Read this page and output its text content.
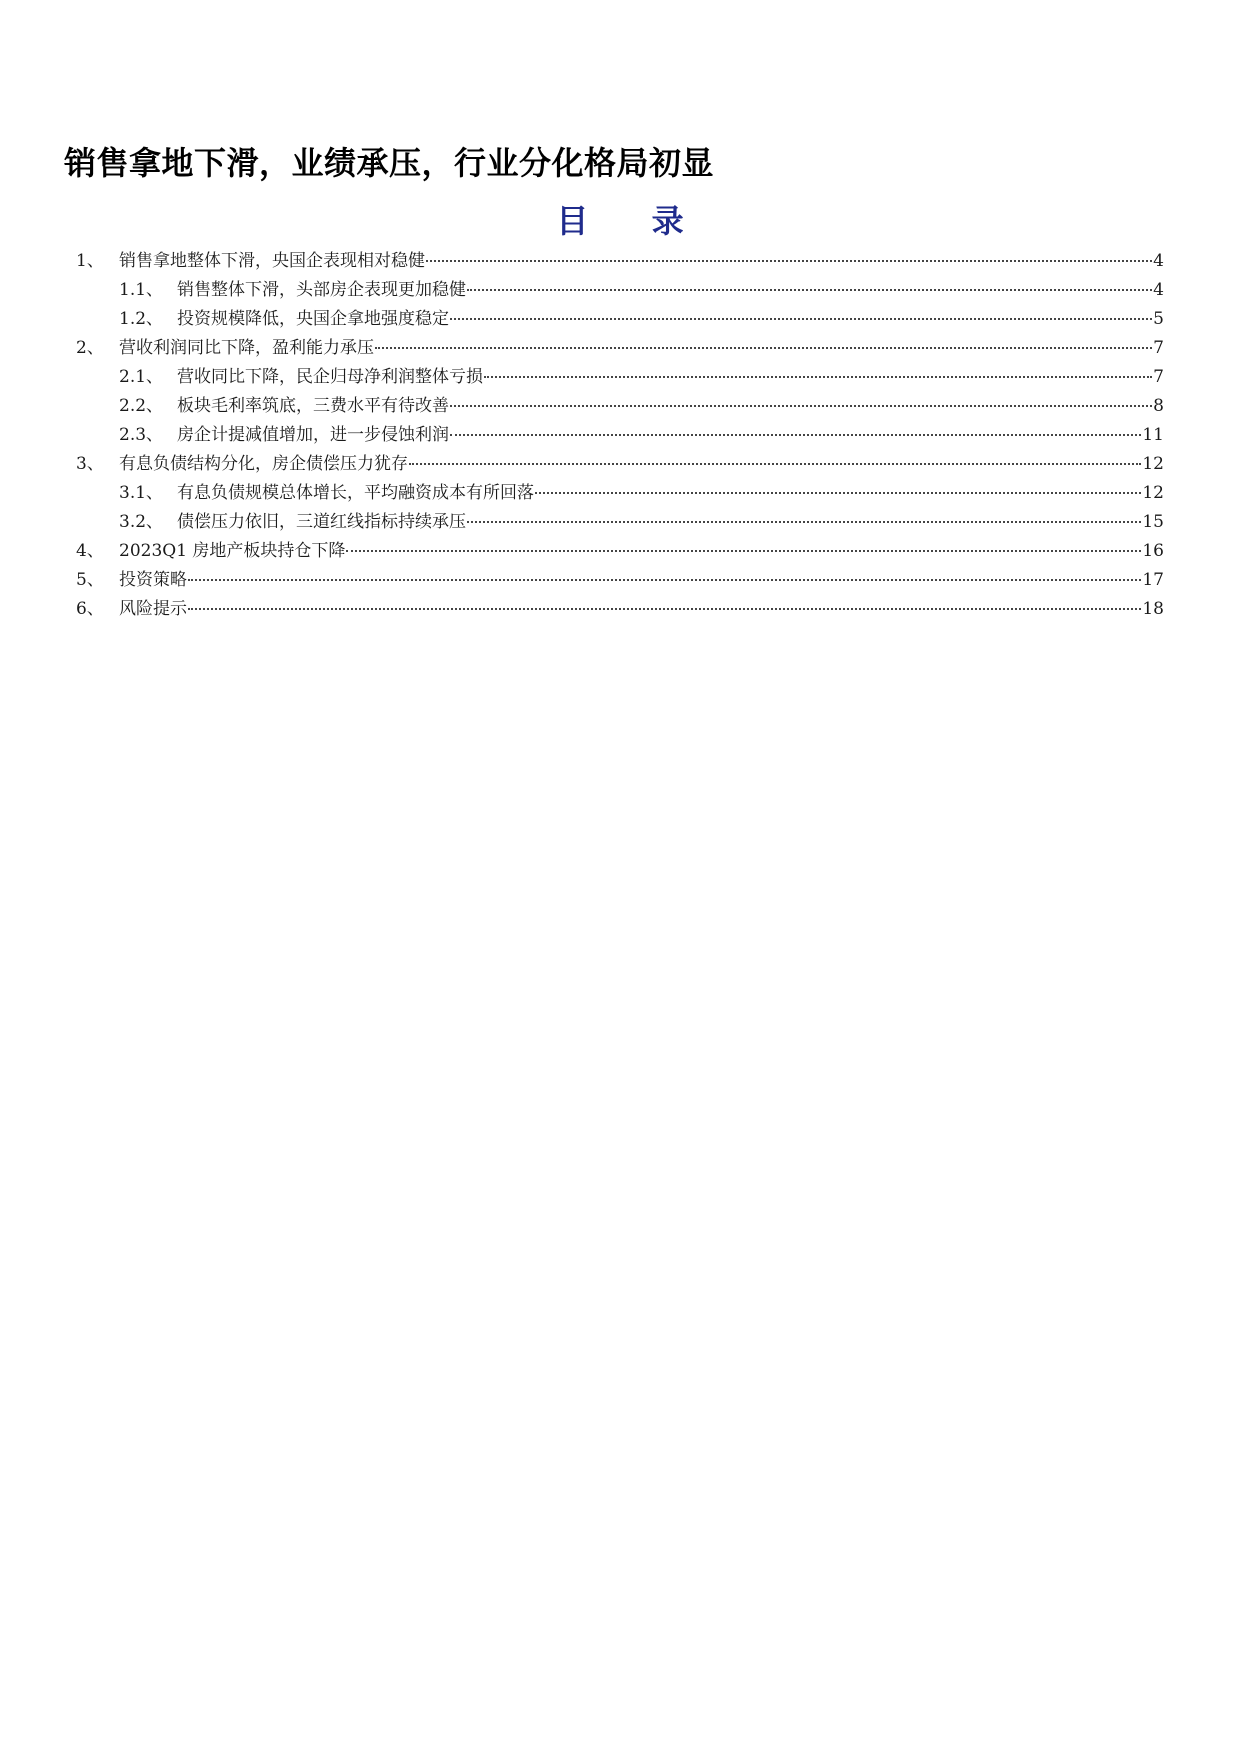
销售拿地下滑，业绩承压，行业分化格局初显
目 录
1、 销售拿地整体下滑，央国企表现相对稳健	4
1.1、 销售整体下滑，头部房企表现更加稳健	4
1.2、 投资规模降低，央国企拿地强度稳定	5
2、 营收利润同比下降，盈利能力承压	7
2.1、 营收同比下降，民企归母净利润整体亏损	7
2.2、 板块毛利率筑底，三费水平有待改善	8
2.3、 房企计提减值增加，进一步侵蚀利润	11
3、 有息负债结构分化，房企债偿压力犹存	12
3.1、 有息负债规模总体增长，平均融资成本有所回落	12
3.2、 债偿压力依旧，三道红线指标持续承压	15
4、 2023Q1 房地产板块持仓下降	16
5、 投资策略	17
6、 风险提示	18
